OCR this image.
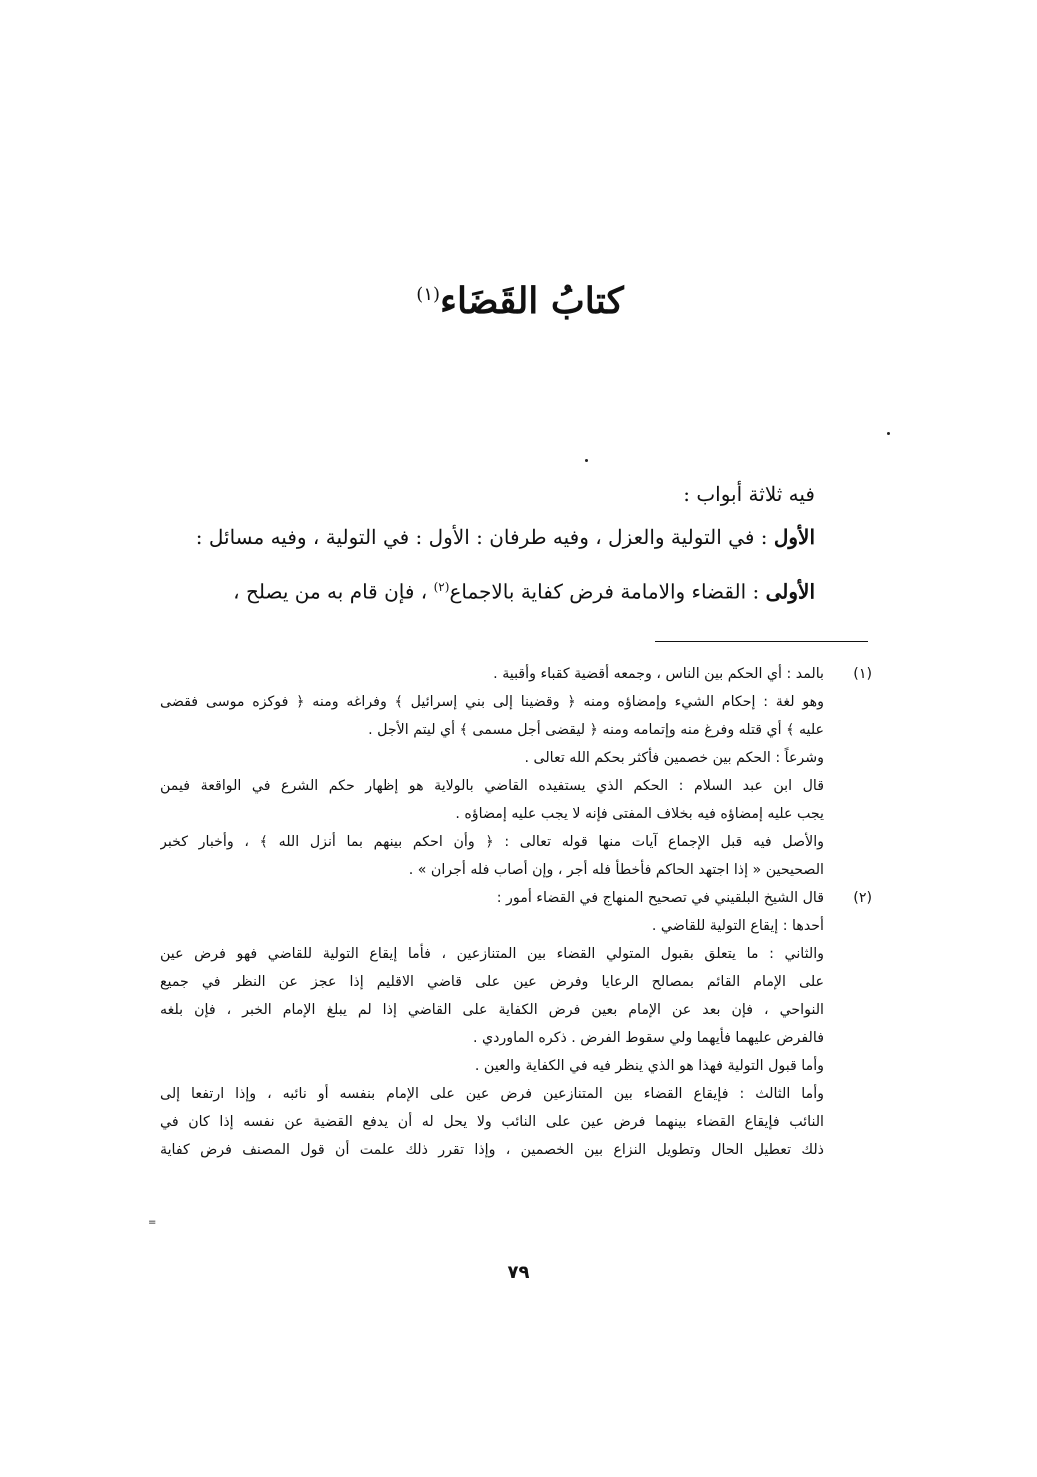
كتابُ القَضَاء$^{(١)}$
فيه ثلاثة أبواب :
الأول : في التولية والعزل ، وفيه طرفان : الأول : في التولية ، وفيه مسائل :
الأولى : القضاء والامامة فرض كفاية بالاجماع$^{(٢)}$ ، فإن قام به من يصلح ،
(١)
بالمد : أي الحكم بين الناس ، وجمعه أقضية كقباء وأقبية .
وهو لغة : إحكام الشيء وإمضاؤه ومنه ﴿ وقضينا إلى بني إسرائيل ﴾ وفراغه ومنه ﴿ فوكزه موسى فقضى
عليه ﴾ أي قتله وفرغ منه وإتمامه ومنه ﴿ ليقضى أجل مسمى ﴾ أي ليتم الأجل .
وشرعاً : الحكم بين خصمين فأكثر بحكم الله تعالى .
قال ابن عبد السلام : الحكم الذي يستفيده القاضي بالولاية هو إظهار حكم الشرع في الواقعة فيمن
يجب عليه إمضاؤه فيه بخلاف المفتى فإنه لا يجب عليه إمضاؤه .
والأصل فيه قبل الإجماع آيات منها قوله تعالى : ﴿ وأن احكم بينهم بما أنزل الله ﴾ ، وأخبار كخبر
الصحيحين « إذا اجتهد الحاكم فأخطأ فله أجر ، وإن أصاب فله أجران » .
(٢)
قال الشيخ البلقيني في تصحيح المنهاج في القضاء أمور :
أحدها : إيقاع التولية للقاضي .
والثاني : ما يتعلق بقبول المتولي القضاء بين المتنازعين ، فأما إيقاع التولية للقاضي فهو فرض عين
على الإمام القائم بمصالح الرعايا وفرض عين على قاضي الاقليم إذا عجز عن النظر في جميع
النواحي ، فإن بعد عن الإمام بعين فرض الكفاية على القاضي إذا لم يبلغ الإمام الخبر ، فإن بلغه
فالفرض عليهما فأيهما ولي سقوط الفرض . ذكره الماوردي .
وأما قبول التولية فهذا هو الذي ينظر فيه في الكفاية والعين .
وأما الثالث : فإيقاع القضاء بين المتنازعين فرض عين على الإمام بنفسه أو نائبه ، وإذا ارتفعا إلى
النائب فإيقاع القضاء بينهما فرض عين على النائب ولا يحل له أن يدفع القضية عن نفسه إذا كان في
ذلك تعطيل الحال وتطويل النزاع بين الخصمين ، وإذا تقرر ذلك علمت أن قول المصنف فرض كفاية
=
٧٩
